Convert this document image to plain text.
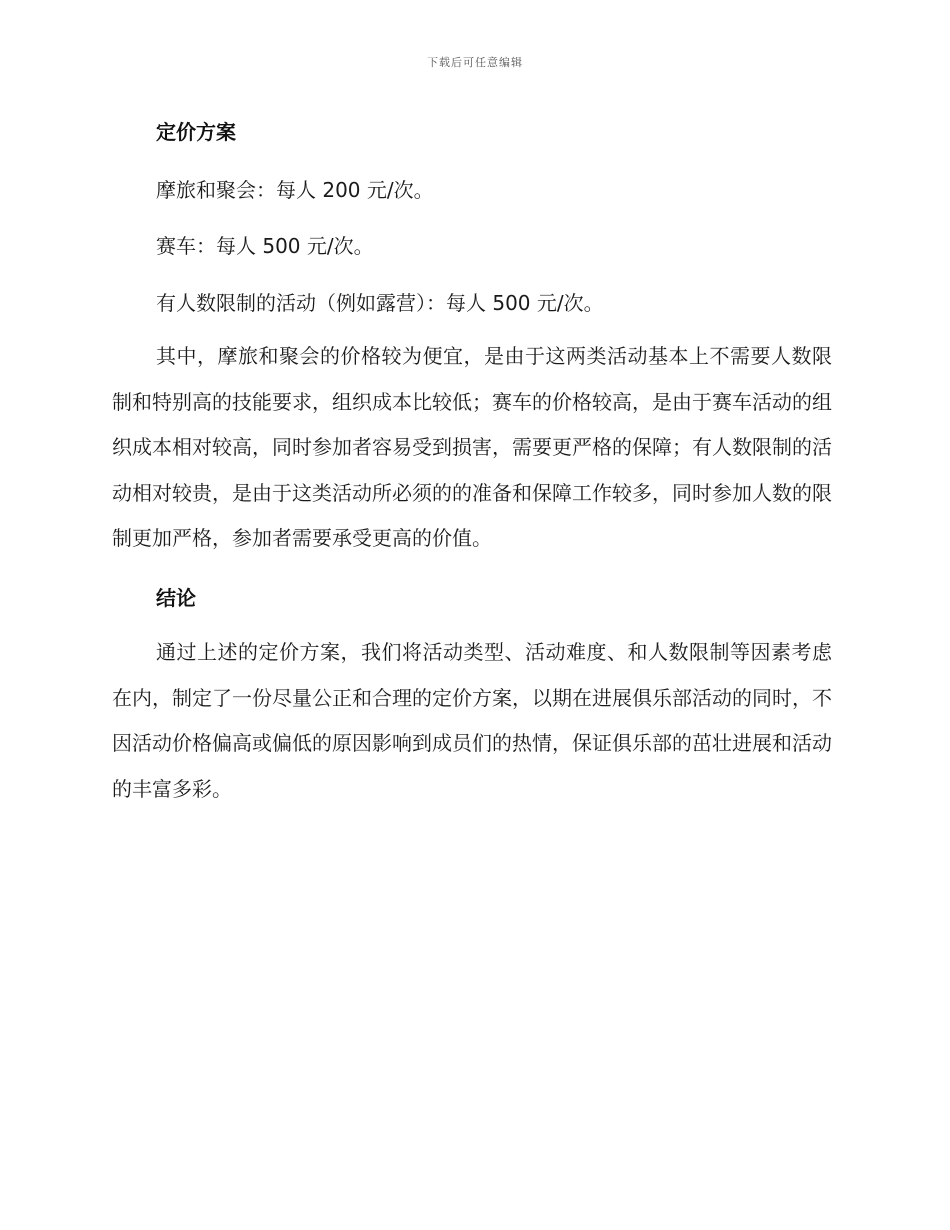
下载后可任意编辑
定价方案
摩旅和聚会：每人 200 元/次。
赛车：每人 500 元/次。
有人数限制的活动（例如露营）：每人 500 元/次。
其中，摩旅和聚会的价格较为便宜，是由于这两类活动基本上不需要人数限制和特别高的技能要求，组织成本比较低；赛车的价格较高，是由于赛车活动的组织成本相对较高，同时参加者容易受到损害，需要更严格的保障；有人数限制的活动相对较贵，是由于这类活动所必须的的准备和保障工作较多，同时参加人数的限制更加严格，参加者需要承受更高的价值。
结论
通过上述的定价方案，我们将活动类型、活动难度、和人数限制等因素考虑在内，制定了一份尽量公正和合理的定价方案，以期在进展俱乐部活动的同时，不因活动价格偏高或偏低的原因影响到成员们的热情，保证俱乐部的茁壮进展和活动的丰富多彩。
